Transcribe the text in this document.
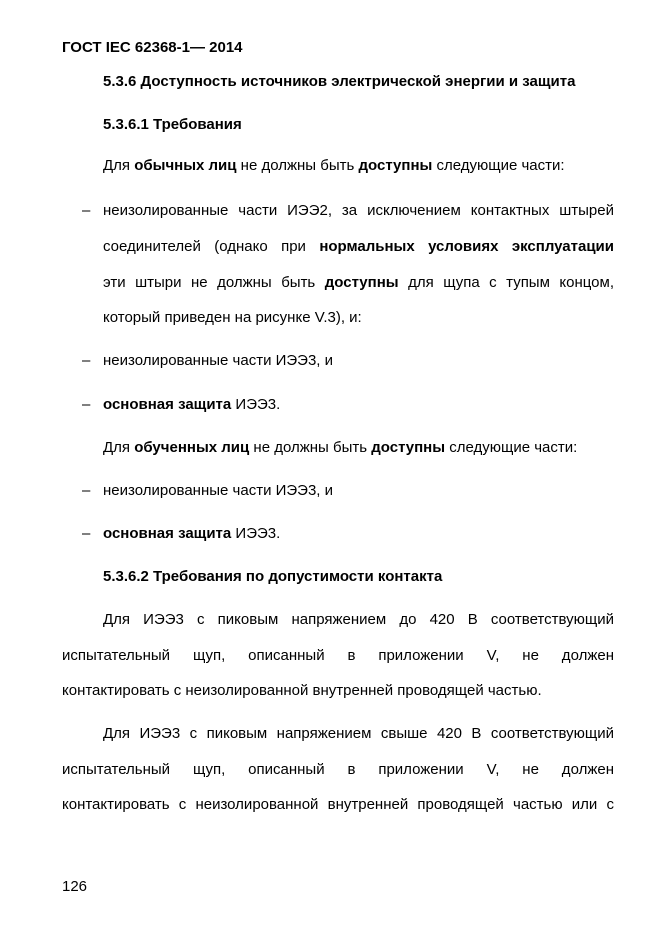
ГОСТ IEC 62368-1— 2014
5.3.6 Доступность источников электрической энергии и защита
5.3.6.1 Требования
Для обычных лиц не должны быть доступны следующие части:
– неизолированные части ИЭЭ2, за исключением контактных штырей
соединителей (однако при нормальных условиях эксплуатации
эти штыри не должны быть доступны для щупа с тупым концом,
который приведен на рисунке V.3), и:
– неизолированные части ИЭЭ3, и
– основная защита ИЭЭ3.
Для обученных лиц не должны быть доступны следующие части:
– неизолированные части ИЭЭ3, и
– основная защита ИЭЭ3.
5.3.6.2 Требования по допустимости контакта
Для ИЭЭ3 с пиковым напряжением до 420 В соответствующий
испытательный щуп, описанный в приложении V, не должен
контактировать с неизолированной внутренней проводящей частью.
Для ИЭЭ3 с пиковым напряжением свыше 420 В соответствующий
испытательный щуп, описанный в приложении V, не должен
контактировать с неизолированной внутренней проводящей частью или с
126
